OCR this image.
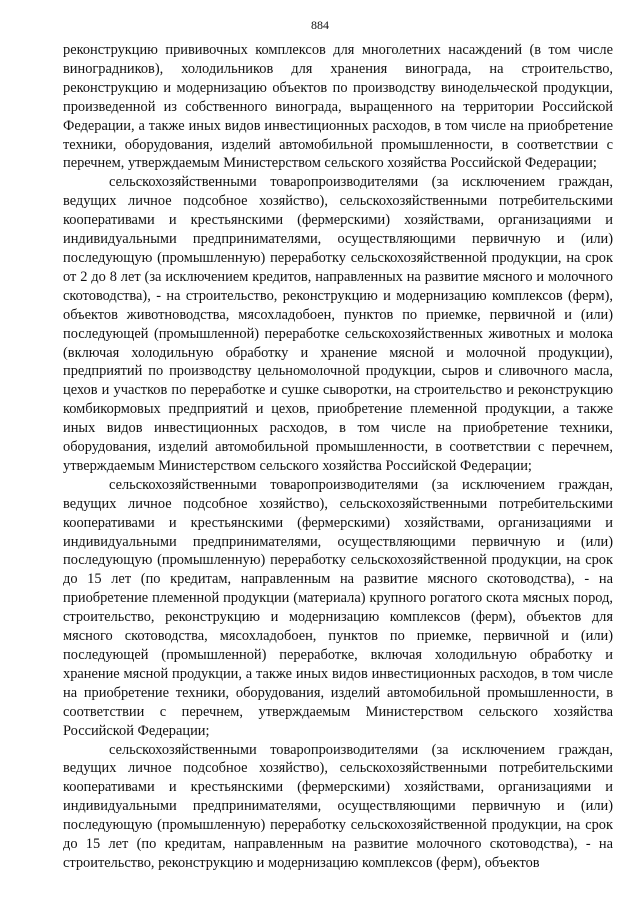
884

реконструкцию прививочных комплексов для многолетних насаждений (в том числе виноградников), холодильников для хранения винограда, на строительство, реконструкцию и модернизацию объектов по производству винодельческой продукции, произведенной из собственного винограда, выращенного на территории Российской Федерации, а также иных видов инвестиционных расходов, в том числе на приобретение техники, оборудования, изделий автомобильной промышленности, в соответствии с перечнем, утверждаемым Министерством сельского хозяйства Российской Федерации;

сельскохозяйственными товаропроизводителями (за исключением граждан, ведущих личное подсобное хозяйство), сельскохозяйственными потребительскими кооперативами и крестьянскими (фермерскими) хозяйствами, организациями и индивидуальными предпринимателями, осуществляющими первичную и (или) последующую (промышленную) переработку сельскохозяйственной продукции, на срок от 2 до 8 лет (за исключением кредитов, направленных на развитие мясного и молочного скотоводства), - на строительство, реконструкцию и модернизацию комплексов (ферм), объектов животноводства, мясохладобоен, пунктов по приемке, первичной и (или) последующей (промышленной) переработке сельскохозяйственных животных и молока (включая холодильную обработку и хранение мясной и молочной продукции), предприятий по производству цельномолочной продукции, сыров и сливочного масла, цехов и участков по переработке и сушке сыворотки, на строительство и реконструкцию комбикормовых предприятий и цехов, приобретение племенной продукции, а также иных видов инвестиционных расходов, в том числе на приобретение техники, оборудования, изделий автомобильной промышленности, в соответствии с перечнем, утверждаемым Министерством сельского хозяйства Российской Федерации;

сельскохозяйственными товаропроизводителями (за исключением граждан, ведущих личное подсобное хозяйство), сельскохозяйственными потребительскими кооперативами и крестьянскими (фермерскими) хозяйствами, организациями и индивидуальными предпринимателями, осуществляющими первичную и (или) последующую (промышленную) переработку сельскохозяйственной продукции, на срок до 15 лет (по кредитам, направленным на развитие мясного скотоводства), - на приобретение племенной продукции (материала) крупного рогатого скота мясных пород, строительство, реконструкцию и модернизацию комплексов (ферм), объектов для мясного скотоводства, мясохладобоен, пунктов по приемке, первичной и (или) последующей (промышленной) переработке, включая холодильную обработку и хранение мясной продукции, а также иных видов инвестиционных расходов, в том числе на приобретение техники, оборудования, изделий автомобильной промышленности, в соответствии с перечнем, утверждаемым Министерством сельского хозяйства Российской Федерации;

сельскохозяйственными товаропроизводителями (за исключением граждан, ведущих личное подсобное хозяйство), сельскохозяйственными потребительскими кооперативами и крестьянскими (фермерскими) хозяйствами, организациями и индивидуальными предпринимателями, осуществляющими первичную и (или) последующую (промышленную) переработку сельскохозяйственной продукции, на срок до 15 лет (по кредитам, направленным на развитие молочного скотоводства), - на строительство, реконструкцию и модернизацию комплексов (ферм), объектов
